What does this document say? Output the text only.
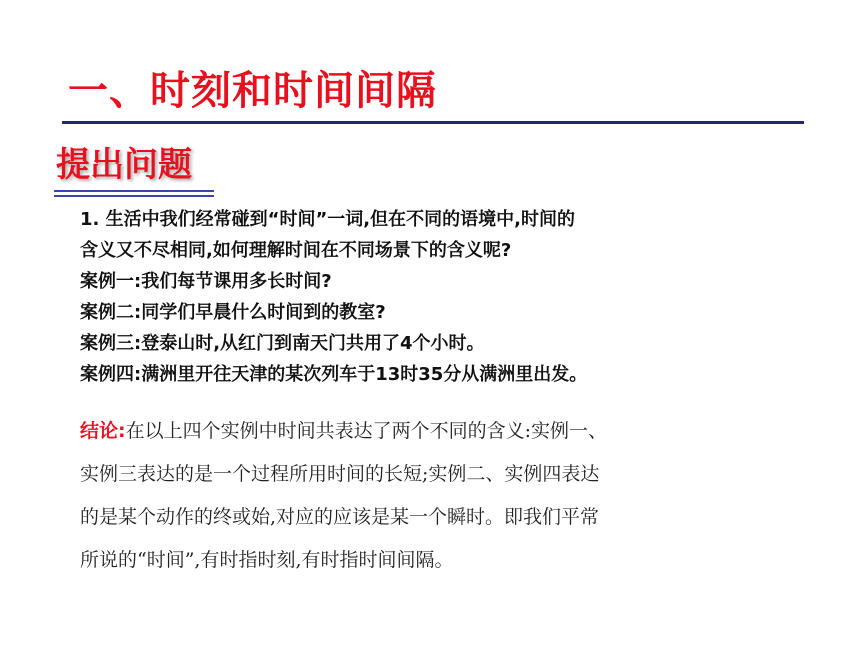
一、时刻和时间间隔
提出问题

1. 生活中我们经常碰到“时间”一词,但在不同的语境中,时间的

含义又不尽相同,如何理解时间在不同场景下的含义呢?

案例一:我们每节课用多长时间?

案例二:同学们早晨什么时间到的教室?

案例三:登泰山时,从红门到南天门共用了4个小时。

案例四:满洲里开往天津的某次列车于13时35分从满洲里出发。

结论:在以上四个实例中时间共表达了两个不同的含义:实例一、

实例三表达的是一个过程所用时间的长短;实例二、实例四表达

的是某个动作的终或始,对应的应该是某一个瞬时。即我们平常

所说的“时间”,有时指时刻,有时指时间间隔。
